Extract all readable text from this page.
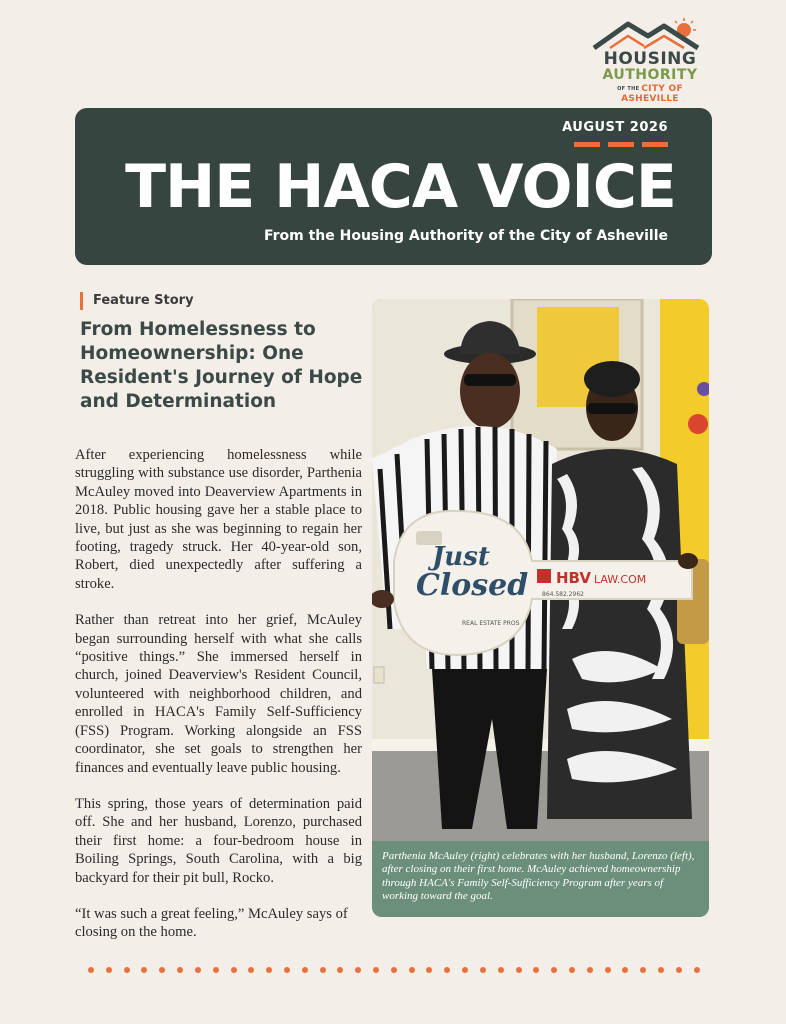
HOUSING
AUTHORITY
OF THE CITY OF ASHEVILLE
AUGUST 2026
THE HACA VOICE
From the Housing Authority of the City of Asheville
Feature Story
From Homelessness to Homeownership: One Resident's Journey of Hope and Determination

After experiencing homelessness while struggling with substance use disorder, Parthenia McAuley moved into Deaverview Apartments in 2018. Public housing gave her a stable place to live, but just as she was beginning to regain her footing, tragedy struck. Her 40-year-old son, Robert, died unexpectedly after suffering a stroke.

Rather than retreat into her grief, McAuley began surrounding herself with what she calls “positive things.” She immersed herself in church, joined Deaverview's Resident Council, volunteered with neighborhood children, and enrolled in HACA's Family Self-Sufficiency (FSS) Program. Working alongside an FSS coordinator, she set goals to strengthen her finances and eventually leave public housing.

This spring, those years of determination paid off. She and her husband, Lorenzo, purchased their first home: a four-bedroom house in Boiling Springs, South Carolina, with a big backyard for their pit bull, Rocko.

“It was such a great feeling,” McAuley says of closing on the home.

Just
Closed
REAL ESTATE PROS
HBV LAW.COM
864.582.2962
Parthenia McAuley (right) celebrates with her husband, Lorenzo (left), after closing on their first home. McAuley achieved homeownership through HACA's Family Self-Sufficiency Program after years of working toward the goal.
